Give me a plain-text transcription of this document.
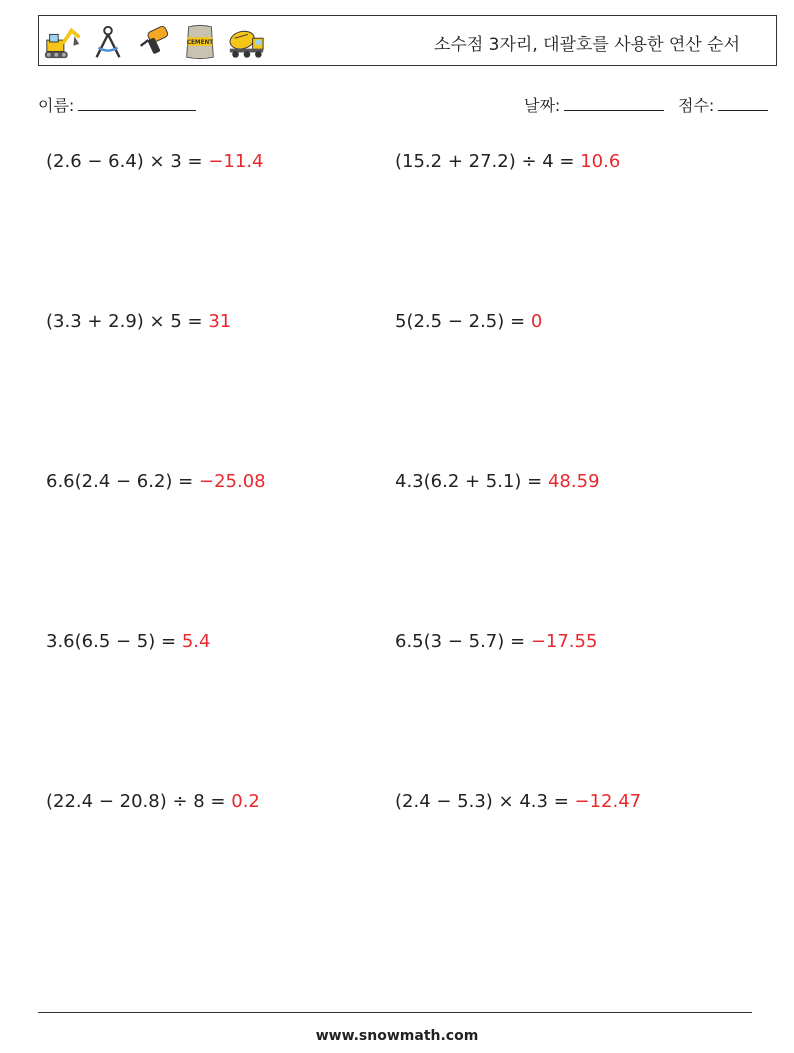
CEMENT	소수점 3자리, 대괄호를 사용한 연산 순서
이름:	날짜:	점수:
(2.6 − 6.4) × 3 = −11.4	(15.2 + 27.2) ÷ 4 = 10.6
(3.3 + 2.9) × 5 = 31	5(2.5 − 2.5) = 0
6.6(2.4 − 6.2) = −25.08	4.3(6.2 + 5.1) = 48.59
3.6(6.5 − 5) = 5.4	6.5(3 − 5.7) = −17.55
(22.4 − 20.8) ÷ 8 = 0.2	(2.4 − 5.3) × 4.3 = −12.47
www.snowmath.com
